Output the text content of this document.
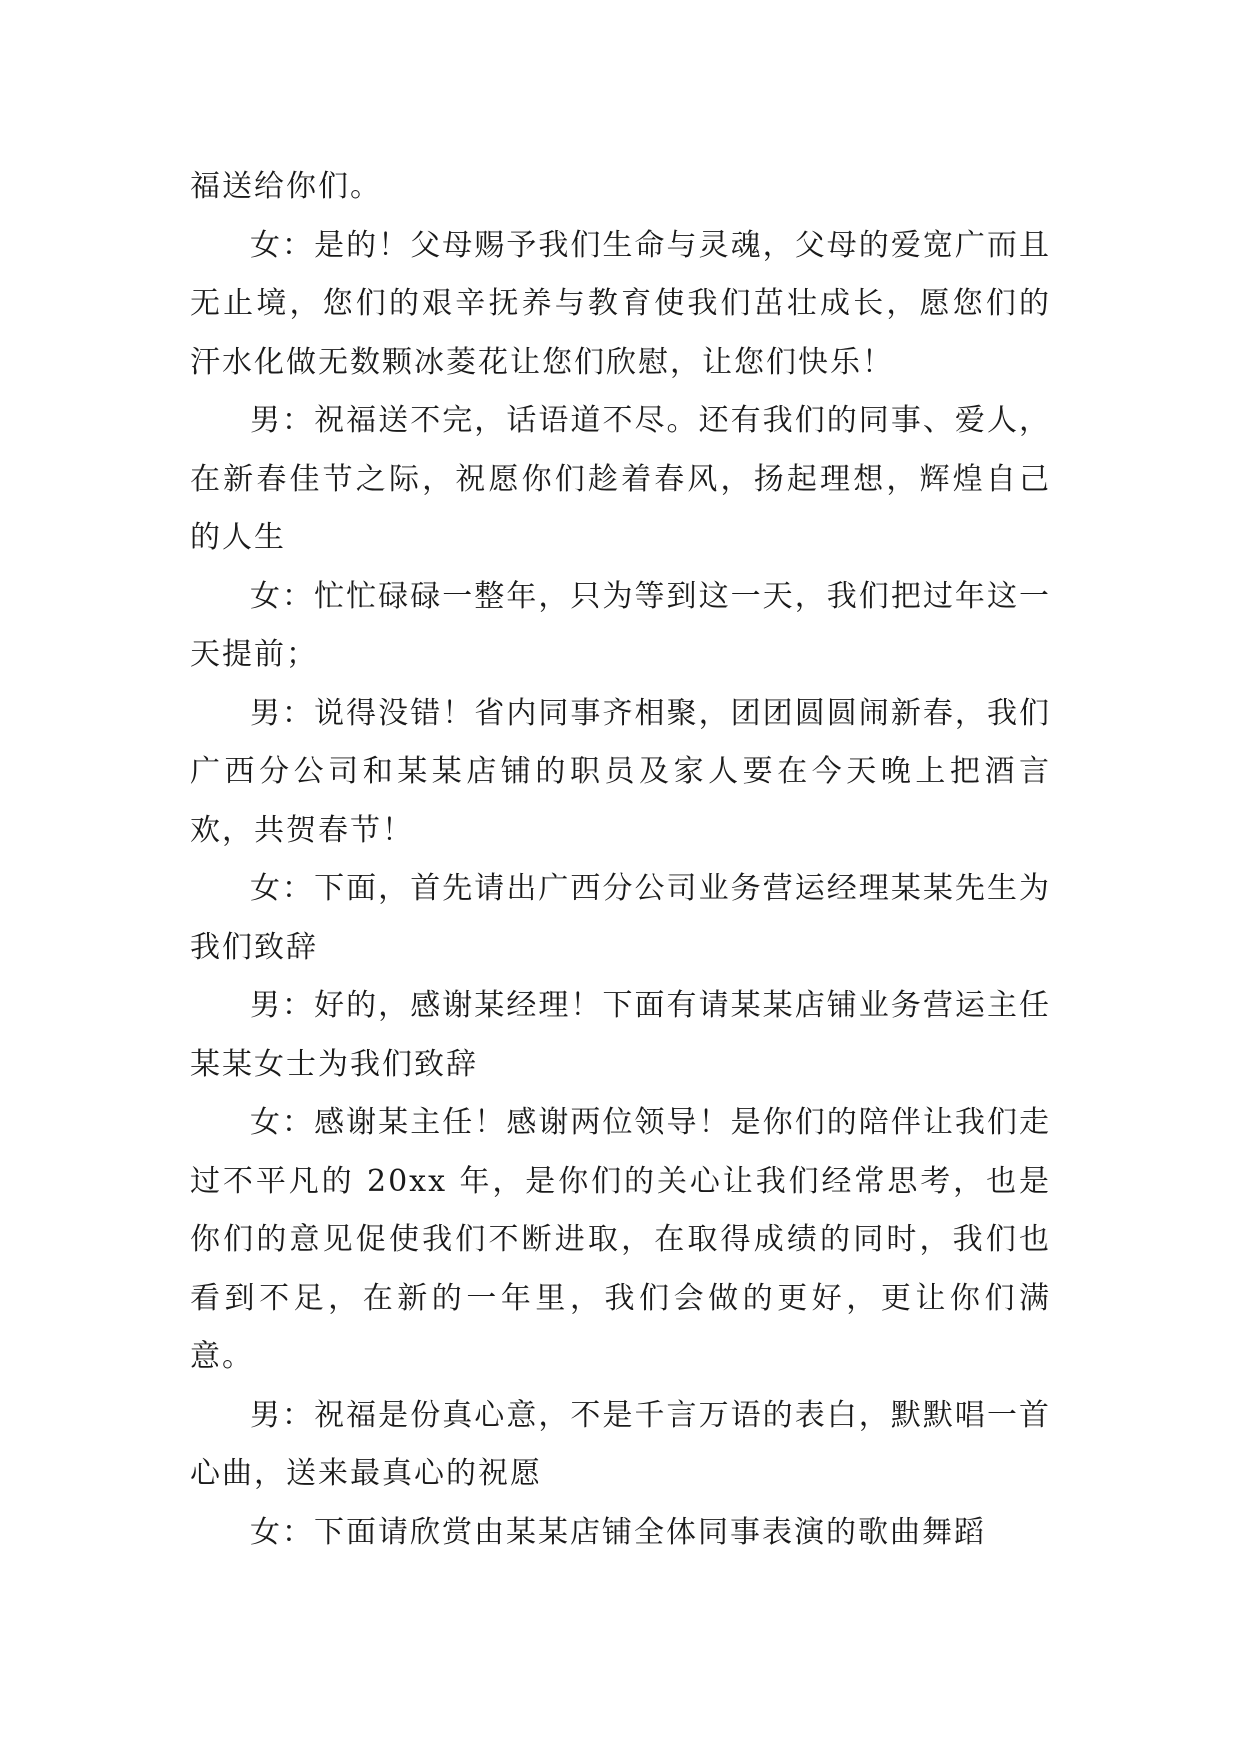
福送给你们。

女：是的！父母赐予我们生命与灵魂，父母的爱宽广而且无止境，您们的艰辛抚养与教育使我们茁壮成长，愿您们的汗水化做无数颗冰菱花让您们欣慰，让您们快乐！

男：祝福送不完，话语道不尽。还有我们的同事、爱人，在新春佳节之际，祝愿你们趁着春风，扬起理想，辉煌自己的人生

女：忙忙碌碌一整年，只为等到这一天，我们把过年这一天提前；

男：说得没错！省内同事齐相聚，团团圆圆闹新春，我们广西分公司和某某店铺的职员及家人要在今天晚上把酒言欢，共贺春节！

女：下面，首先请出广西分公司业务营运经理某某先生为我们致辞

男：好的，感谢某经理！下面有请某某店铺业务营运主任某某女士为我们致辞

女：感谢某主任！感谢两位领导！是你们的陪伴让我们走过不平凡的 20xx 年，是你们的关心让我们经常思考，也是你们的意见促使我们不断进取，在取得成绩的同时，我们也看到不足，在新的一年里，我们会做的更好，更让你们满意。

男：祝福是份真心意，不是千言万语的表白，默默唱一首心曲，送来最真心的祝愿

女：下面请欣赏由某某店铺全体同事表演的歌曲舞蹈
